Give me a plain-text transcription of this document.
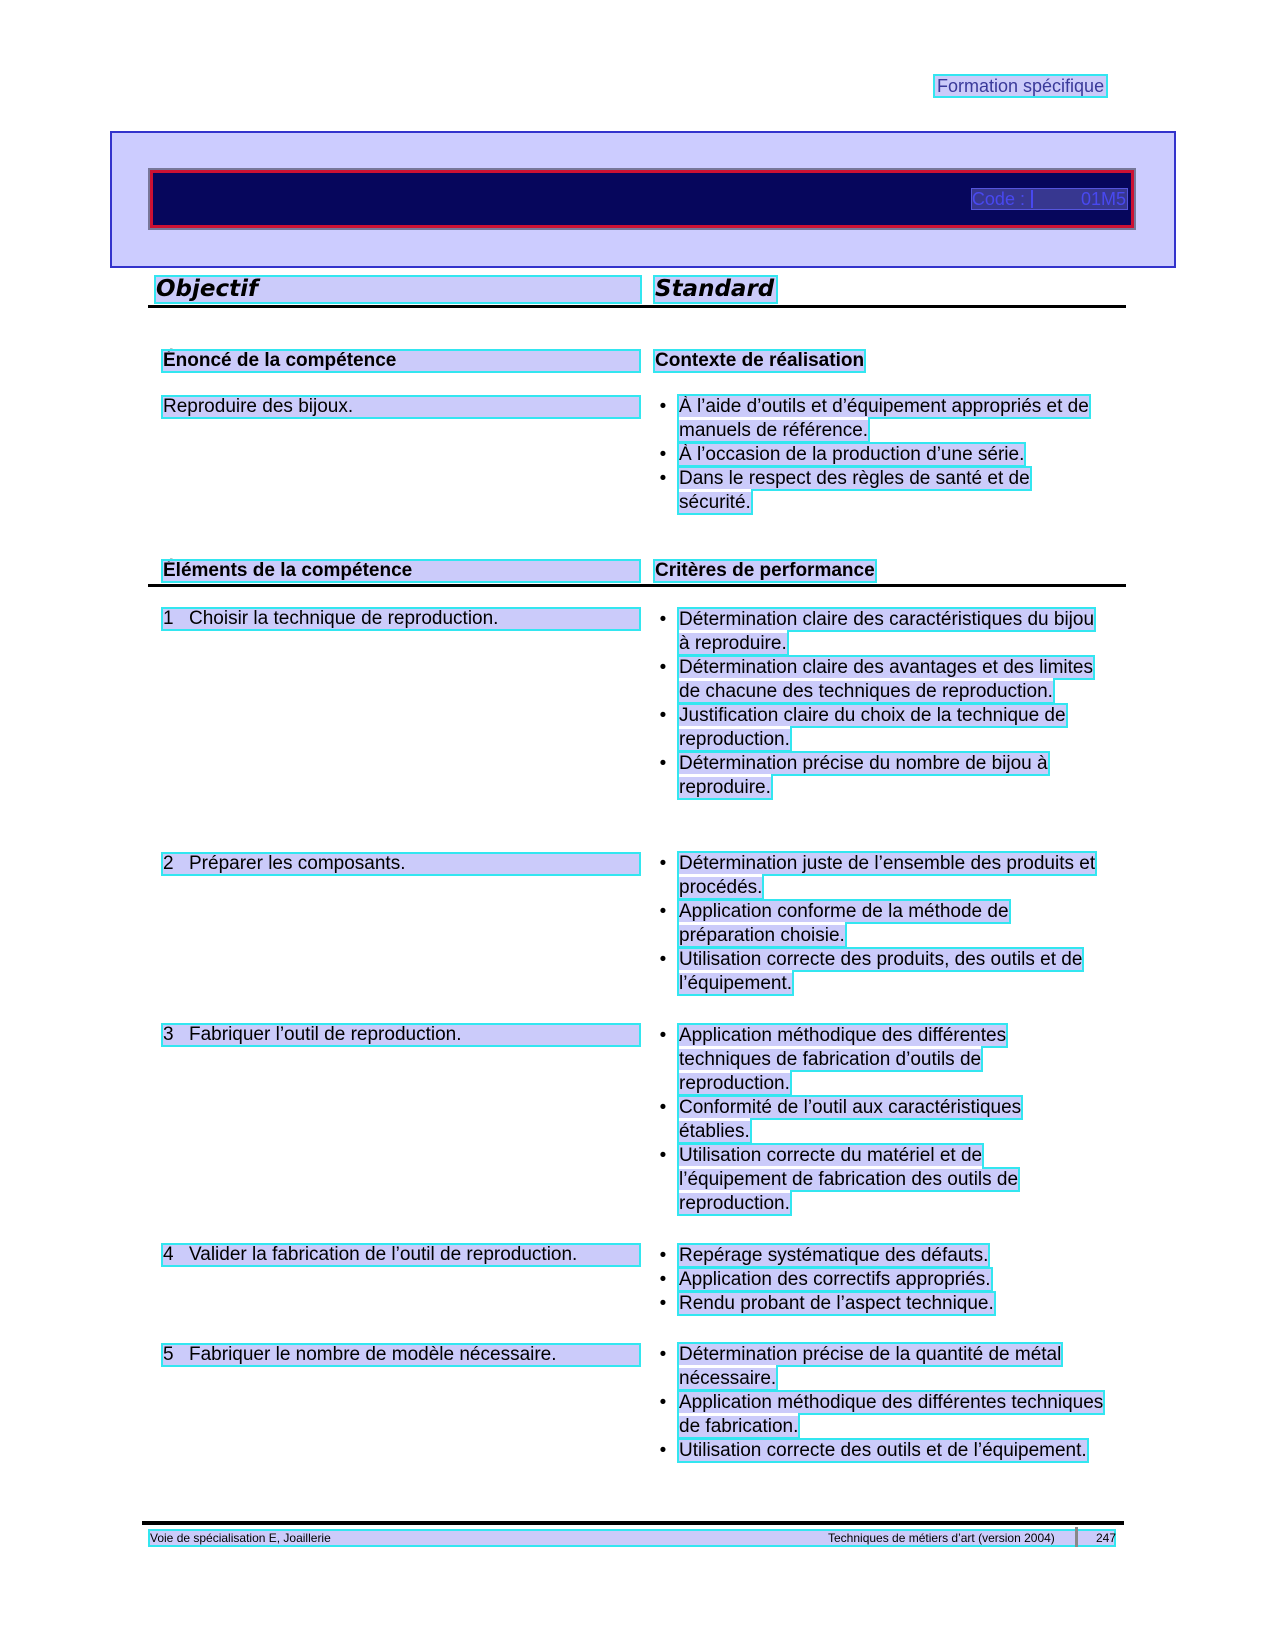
Formation spécifique
Code :	01M5
Objectif	Standard
Énoncé de la compétence	Contexte de réalisation
Reproduire des bijoux.	• À l’aide d’outils et d’équipement appropriés et de manuels de référence.
• À l’occasion de la production d’une série.
• Dans le respect des règles de santé et de sécurité.
Éléments de la compétence	Critères de performance
1 Choisir la technique de reproduction.	• Détermination claire des caractéristiques du bijou à reproduire.
• Détermination claire des avantages et des limites de chacune des techniques de reproduction.
• Justification claire du choix de la technique de reproduction.
• Détermination précise du nombre de bijou à reproduire.
2 Préparer les composants.	• Détermination juste de l’ensemble des produits et procédés.
• Application conforme de la méthode de préparation choisie.
• Utilisation correcte des produits, des outils et de l’équipement.
3 Fabriquer l’outil de reproduction.	• Application méthodique des différentes techniques de fabrication d’outils de reproduction.
• Conformité de l’outil aux caractéristiques établies.
• Utilisation correcte du matériel et de l’équipement de fabrication des outils de reproduction.
4 Valider la fabrication de l’outil de reproduction.	• Repérage systématique des défauts.
• Application des correctifs appropriés.
• Rendu probant de l’aspect technique.
5 Fabriquer le nombre de modèle nécessaire.	• Détermination précise de la quantité de métal nécessaire.
• Application méthodique des différentes techniques de fabrication.
• Utilisation correcte des outils et de l’équipement.
Voie de spécialisation E, Joaillerie	Techniques de métiers d’art (version 2004)	247
